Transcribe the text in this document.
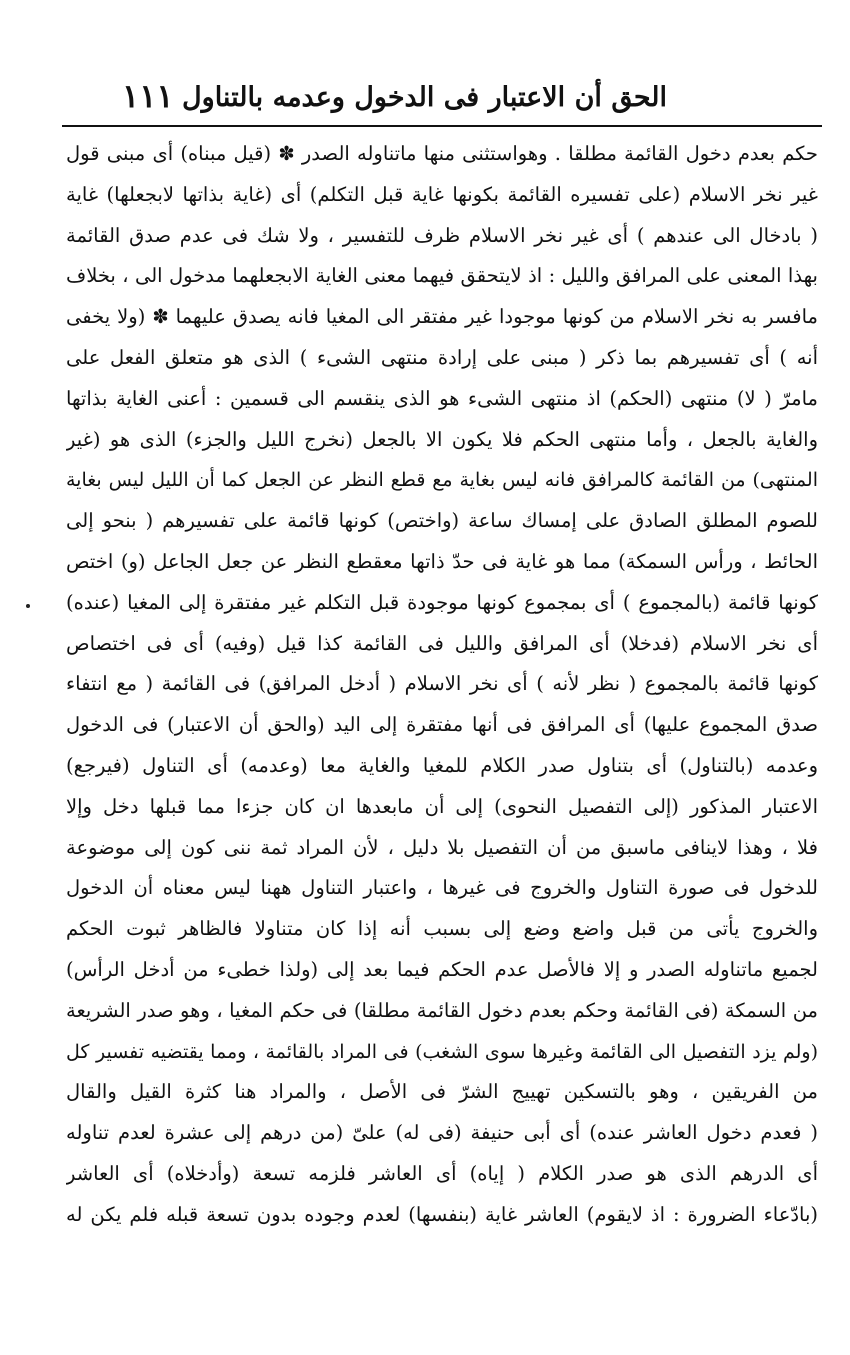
الحق أن الاعتبار فى الدخول وعدمه بالتناول
١١١
حكم بعدم دخول القائمة مطلقا . وهواستثنى منها ماتناوله الصدر ✽ (قيل مبناه) أى مبنى قول
غير نخر الاسلام (على تفسيره القائمة بكونها غاية قبل التكلم) أى (غاية بذاتها لابجعلها) غاية
( بادخال الى عندهم ) أى غير نخر الاسلام ظرف للتفسير ، ولا شك فى عدم صدق القائمة
بهذا المعنى على المرافق والليل : اذ لايتحقق فيهما معنى الغاية الابجعلهما مدخول الى ، بخلاف
مافسر به نخر الاسلام من كونها موجودا غير مفتقر الى المغيا فانه يصدق عليهما ✽ (ولا يخفى
أنه ) أى تفسيرهم بما ذكر ( مبنى على إرادة منتهى الشىء ) الذى هو متعلق الفعل على
مامرّ ( لا) منتهى (الحكم) اذ منتهى الشىء هو الذى ينقسم الى قسمين : أعنى الغاية بذاتها
والغاية بالجعل ، وأما منتهى الحكم فلا يكون الا بالجعل (نخرج الليل والجزء) الذى هو (غير
المنتهى) من القائمة كالمرافق فانه ليس بغاية مع قطع النظر عن الجعل كما أن الليل ليس بغاية
للصوم المطلق الصادق على إمساك ساعة (واختص) كونها قائمة على تفسيرهم ( بنحو إلى
الحائط ، ورأس السمكة) مما هو غاية فى حدّ ذاتها معقطع النظر عن جعل الجاعل (و) اختص
كونها قائمة (بالمجموع ) أى بمجموع كونها موجودة قبل التكلم غير مفتقرة إلى المغيا (عنده)
أى نخر الاسلام (فدخلا) أى المرافق والليل فى القائمة كذا قيل (وفيه) أى فى اختصاص
كونها قائمة بالمجموع ( نظر لأنه ) أى نخر الاسلام ( أدخل المرافق) فى القائمة ( مع انتفاء
صدق المجموع عليها) أى المرافق فى أنها مفتقرة إلى اليد (والحق أن الاعتبار) فى الدخول
وعدمه (بالتناول) أى بتناول صدر الكلام للمغيا والغاية معا (وعدمه) أى التناول (فيرجع)
الاعتبار المذكور (إلى التفصيل النحوى) إلى أن مابعدها ان كان جزءا مما قبلها دخل وإلا
فلا ، وهذا لاينافى ماسبق من أن التفصيل بلا دليل ، لأن المراد ثمة ننى كون إلى موضوعة
للدخول فى صورة التناول والخروج فى غيرها ، واعتبار التناول ههنا ليس معناه أن الدخول
والخروج يأتى من قبل واضع وضع إلى بسبب أنه إذا كان متناولا فالظاهر ثبوت الحكم
لجميع ماتناوله الصدر و إلا فالأصل عدم الحكم فيما بعد إلى (ولذا خطىء من أدخل الرأس)
من السمكة (فى القائمة وحكم بعدم دخول القائمة مطلقا) فى حكم المغيا ، وهو صدر الشريعة
(ولم يزد التفصيل الى القائمة وغيرها سوى الشغب) فى المراد بالقائمة ، ومما يقتضيه تفسير كل
من الفريقين ، وهو بالتسكين تهييج الشرّ فى الأصل ، والمراد هنا كثرة القيل والقال
( فعدم دخول العاشر عنده) أى أبى حنيفة (فى له) علىّ (من درهم إلى عشرة لعدم تناوله
أى الدرهم الذى هو صدر الكلام ( إياه) أى العاشر فلزمه تسعة (وأدخلاه) أى العاشر
(بادّعاء الضرورة : اذ لايقوم) العاشر غاية (بنفسها) لعدم وجوده بدون تسعة قبله فلم يكن له
